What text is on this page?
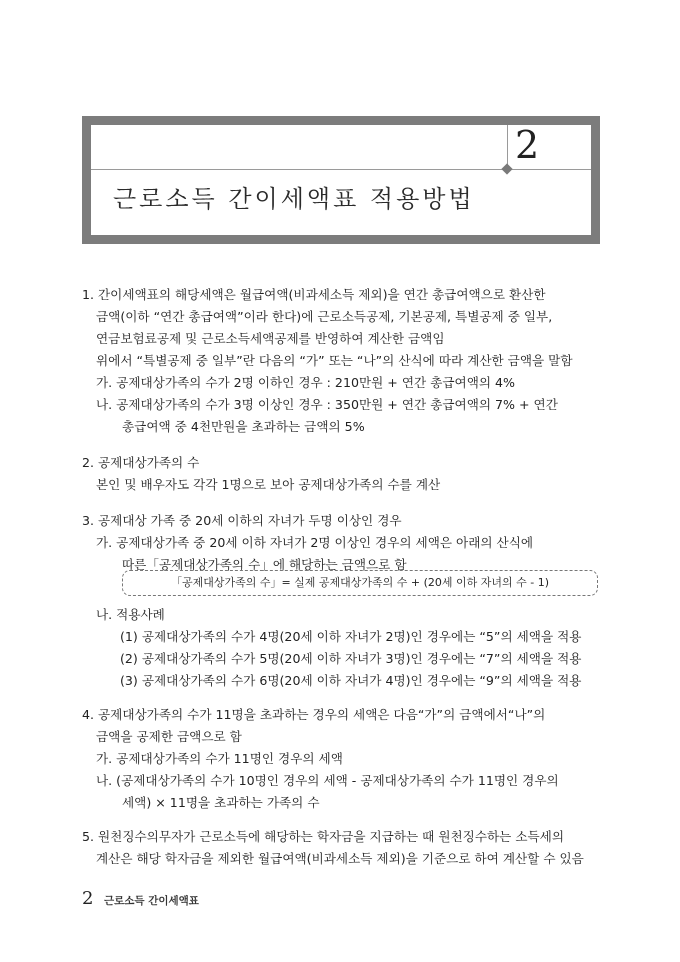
2
근로소득 간이세액표 적용방법
1. 간이세액표의 해당세액은 월급여액(비과세소득 제외)을 연간 총급여액으로 환산한
금액(이하 “연간 총급여액”이라 한다)에 근로소득공제, 기본공제, 특별공제 중 일부,
연금보험료공제 및 근로소득세액공제를 반영하여 계산한 금액임
위에서 “특별공제 중 일부”란 다음의 “가” 또는 “나”의 산식에 따라 계산한 금액을 말함
가. 공제대상가족의 수가 2명 이하인 경우 : 210만원 + 연간 총급여액의 4%
나. 공제대상가족의 수가 3명 이상인 경우 : 350만원 + 연간 총급여액의 7% + 연간
총급여액 중 4천만원을 초과하는 금액의 5%
2. 공제대상가족의 수
본인 및 배우자도 각각 1명으로 보아 공제대상가족의 수를 계산
3. 공제대상 가족 중 20세 이하의 자녀가 두명 이상인 경우
가. 공제대상가족 중 20세 이하 자녀가 2명 이상인 경우의 세액은 아래의 산식에
따른「공제대상가족의 수」에 해당하는 금액으로 함
나. 적용사례
(1) 공제대상가족의 수가 4명(20세 이하 자녀가 2명)인 경우에는 “5”의 세액을 적용
(2) 공제대상가족의 수가 5명(20세 이하 자녀가 3명)인 경우에는 “7”의 세액을 적용
(3) 공제대상가족의 수가 6명(20세 이하 자녀가 4명)인 경우에는 “9”의 세액을 적용
4. 공제대상가족의 수가 11명을 초과하는 경우의 세액은 다음“가”의 금액에서“나”의
금액을 공제한 금액으로 함
가. 공제대상가족의 수가 11명인 경우의 세액
나. (공제대상가족의 수가 10명인 경우의 세액 - 공제대상가족의 수가 11명인 경우의
세액) × 11명을 초과하는 가족의 수
5. 원천징수의무자가 근로소득에 해당하는 학자금을 지급하는 때 원천징수하는 소득세의
계산은 해당 학자금을 제외한 월급여액(비과세소득 제외)을 기준으로 하여 계산할 수 있음
「공제대상가족의 수」= 실제 공제대상가족의 수 + (20세 이하 자녀의 수 - 1)
2 근로소득 간이세액표
